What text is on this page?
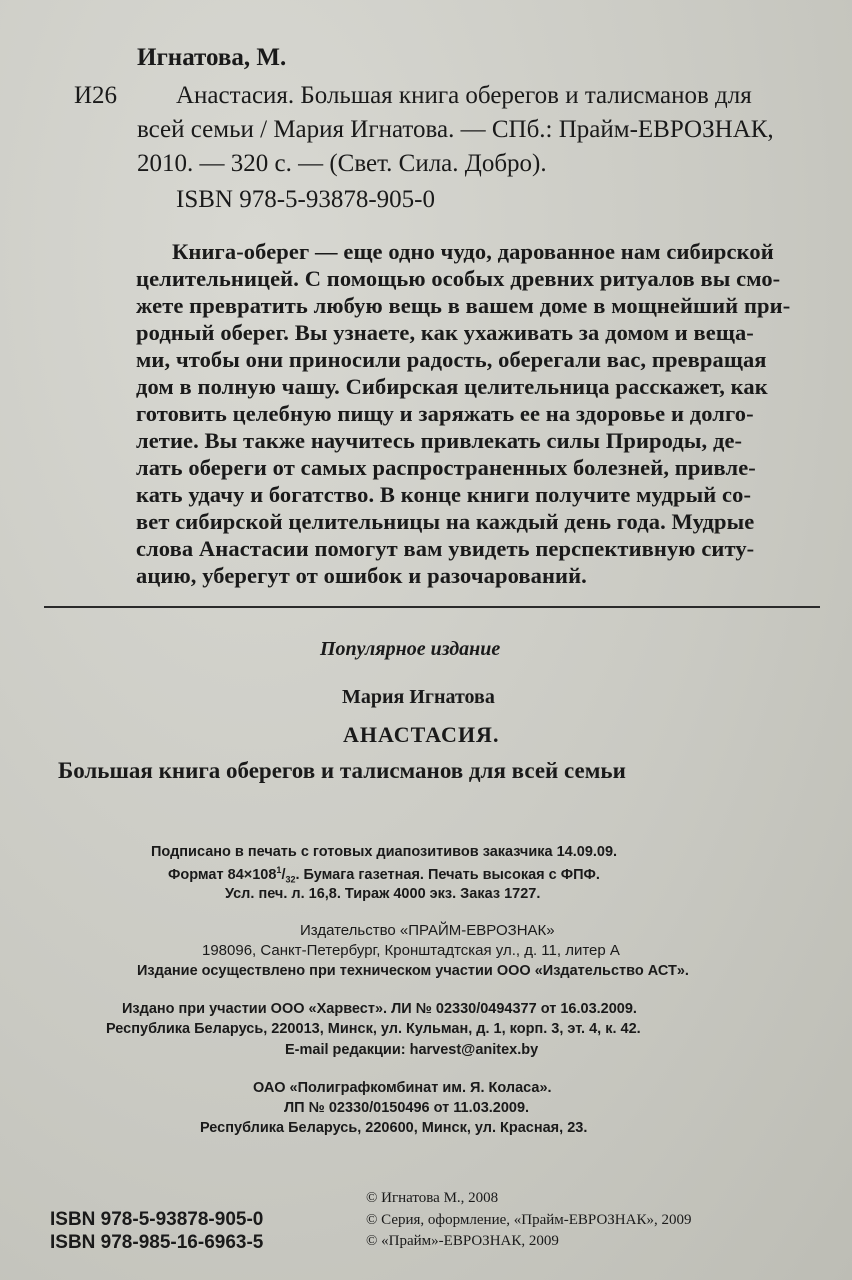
Игнатова, М.
И26 Анастасия. Большая книга оберегов и талисманов для
всей семьи / Мария Игнатова. — СПб.: Прайм-ЕВРОЗНАК,
2010. — 320 с. — (Свет. Сила. Добро).
ISBN 978-5-93878-905-0
Книга-оберег — еще одно чудо, дарованное нам сибирской
целительницей. С помощью особых древних ритуалов вы смо-
жете превратить любую вещь в вашем доме в мощнейший при-
родный оберег. Вы узнаете, как ухаживать за домом и веща-
ми, чтобы они приносили радость, оберегали вас, превращая
дом в полную чашу. Сибирская целительница расскажет, как
готовить целебную пищу и заряжать ее на здоровье и долго-
летие. Вы также научитесь привлекать силы Природы, де-
лать обереги от самых распространенных болезней, привле-
кать удачу и богатство. В конце книги получите мудрый со-
вет сибирской целительницы на каждый день года. Мудрые
слова Анастасии помогут вам увидеть перспективную ситу-
ацию, уберегут от ошибок и разочарований.
Популярное издание
Мария Игнатова
АНАСТАСИЯ.
Большая книга оберегов и талисманов для всей семьи
Подписано в печать с готовых диапозитивов заказчика 14.09.09.
Формат $84\times 108^1/_{32}$. Бумага газетная. Печать высокая с ФПФ.
Усл. печ. л. 16,8. Тираж 4000 экз. Заказ 1727.
Издательство «ПРАЙМ-ЕВРОЗНАК»
198096, Санкт-Петербург, Кронштадтская ул., д. 11, литер А
Издание осуществлено при техническом участии ООО «Издательство АСТ».
Издано при участии ООО «Харвест». ЛИ № 02330/0494377 от 16.03.2009.
Республика Беларусь, 220013, Минск, ул. Кульман, д. 1, корп. 3, эт. 4, к. 42.
E-mail редакции: harvest@anitex.by
ОАО «Полиграфкомбинат им. Я. Коласа».
ЛП № 02330/0150496 от 11.03.2009.
Республика Беларусь, 220600, Минск, ул. Красная, 23.
ISBN 978-5-93878-905-0
ISBN 978-985-16-6963-5
© Игнатова М., 2008
© Серия, оформление, «Прайм-ЕВРОЗНАК», 2009
© «Прайм»-ЕВРОЗНАК, 2009
